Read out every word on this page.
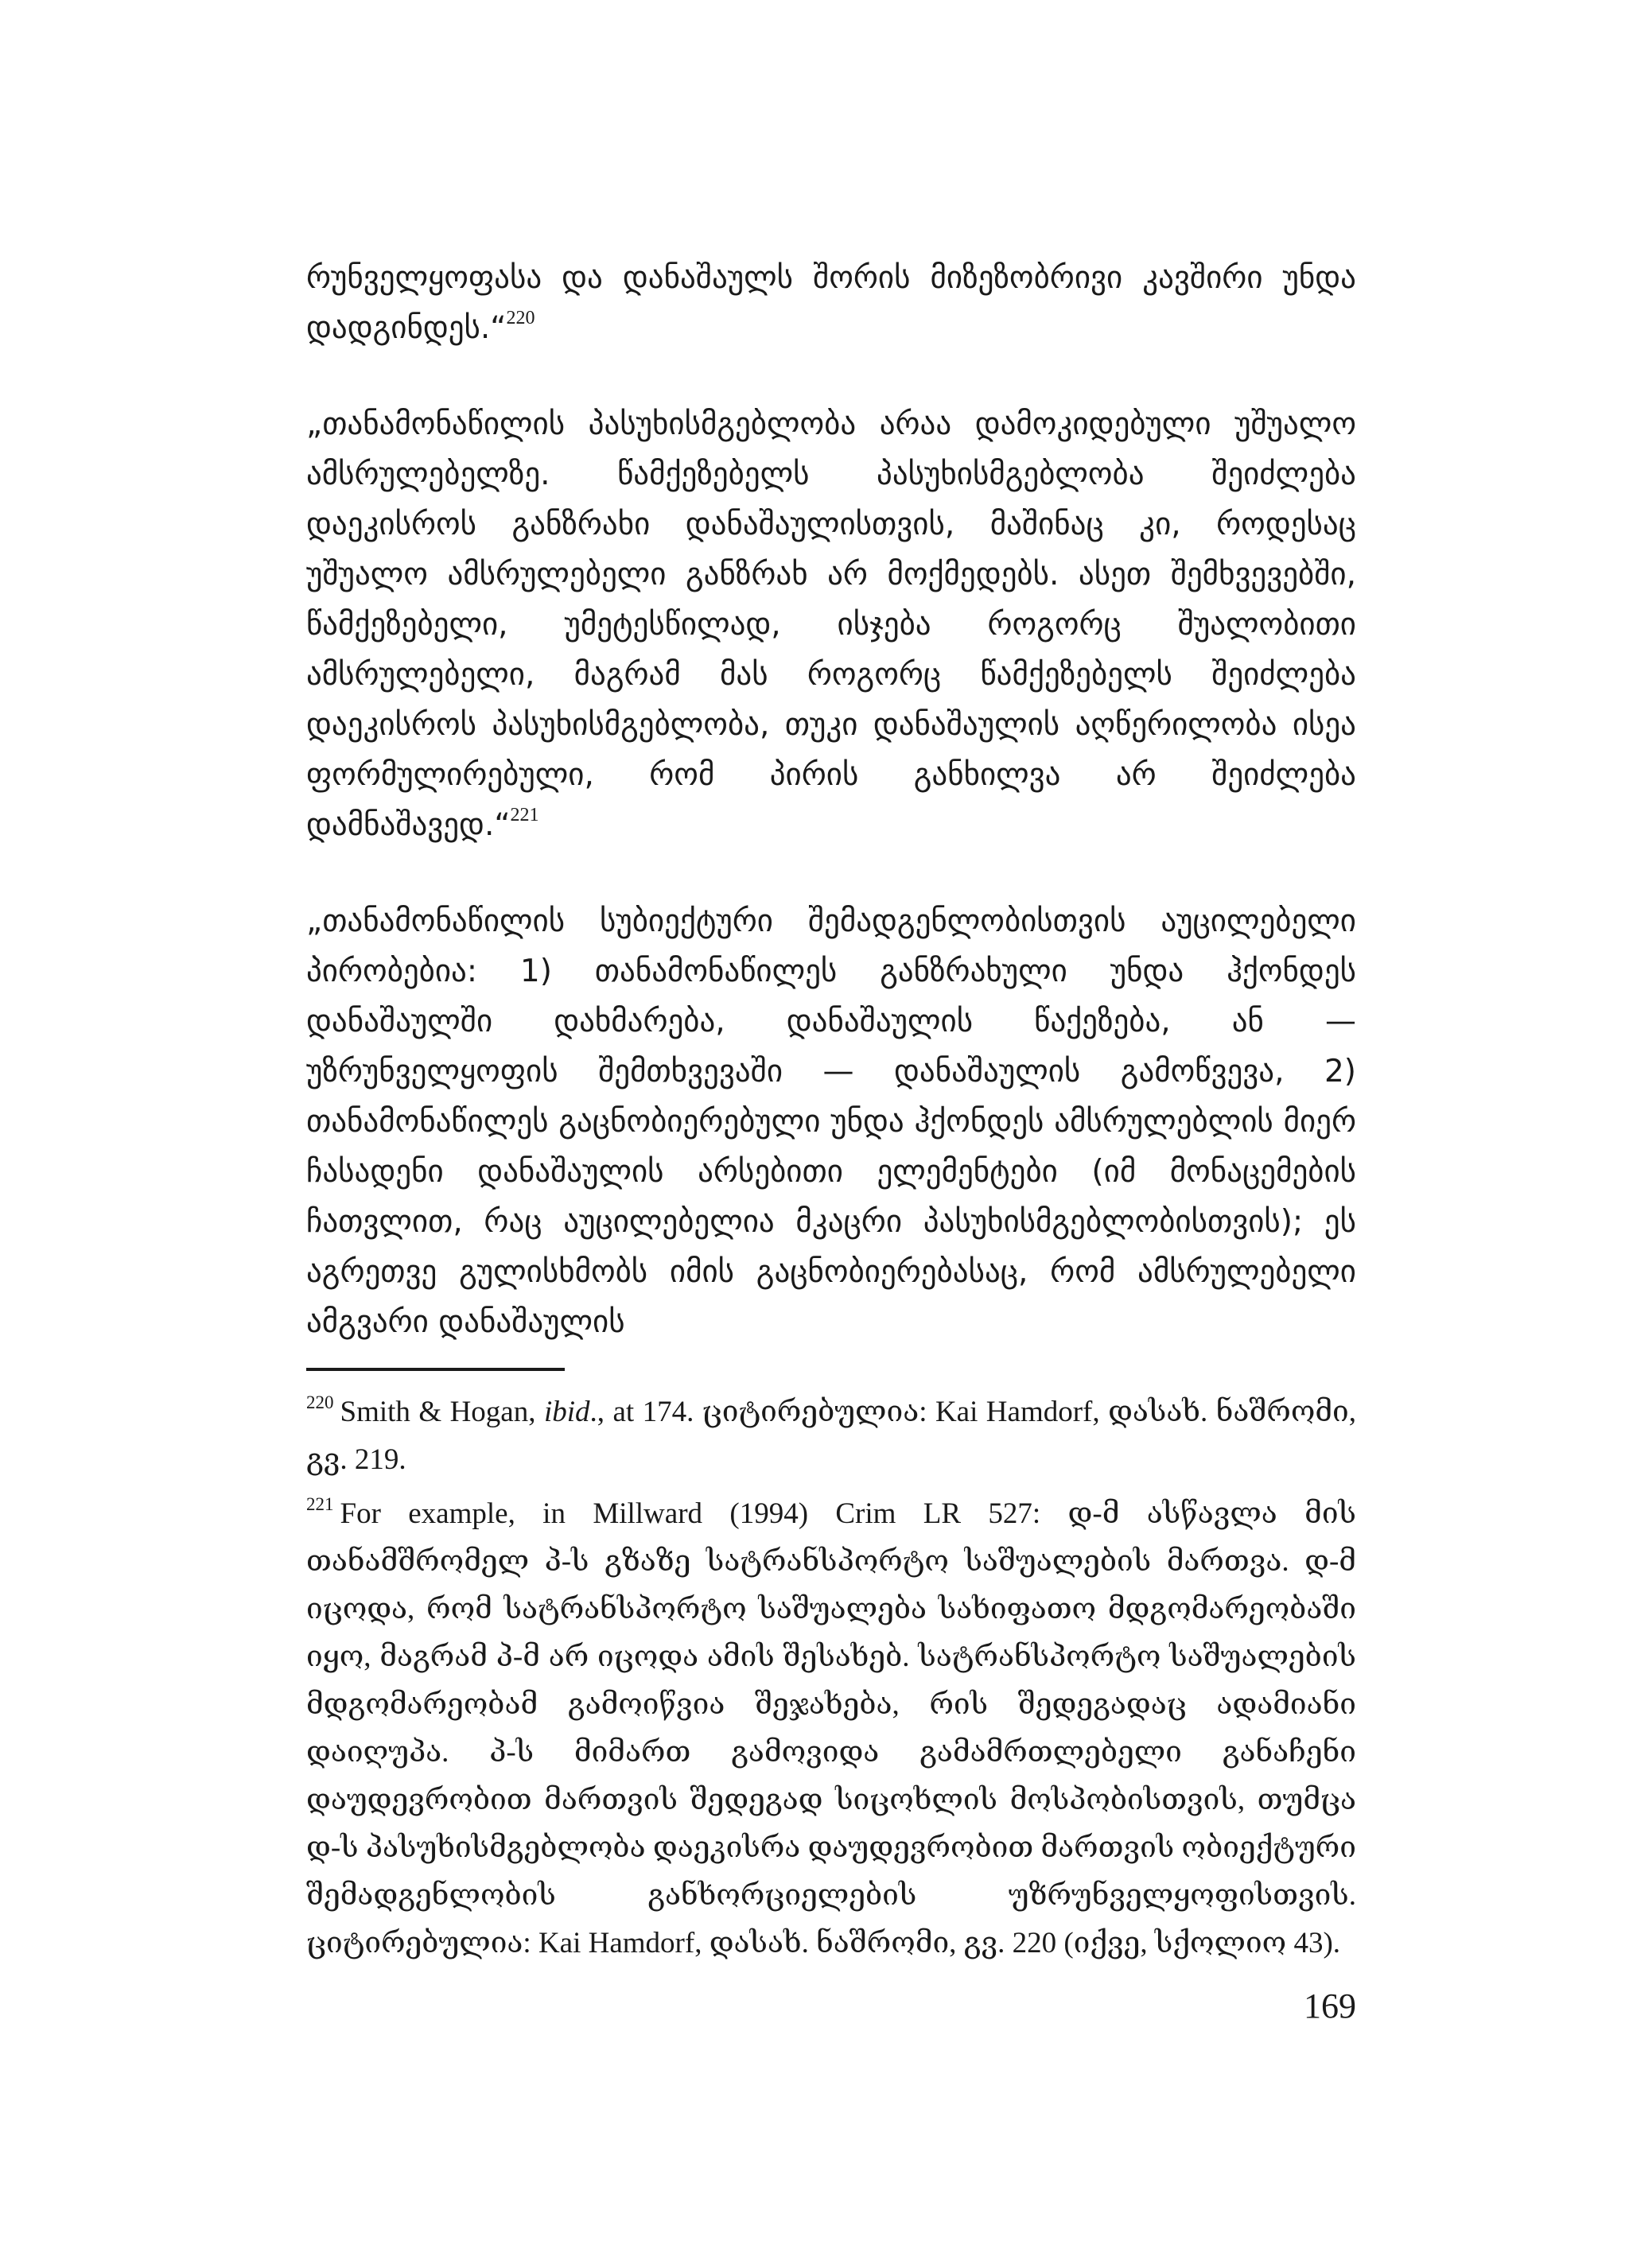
რუნველყოფასა და დანაშაულს შორის მიზეზობრივი კავშირი უნდა დადგინდეს.“$^{220}$

„თანამონაწილის პასუხისმგებლობა არაა დამოკიდებული უშუალო ამსრულებელზე. წამქეზებელს პასუხისმგებლობა შეიძლება დაეკისროს განზრახი დანაშაულისთვის, მაშინაც კი, როდესაც უშუალო ამსრულებელი განზრახ არ მოქმედებს. ასეთ შემხვევებში, წამქეზებელი, უმეტესწილად, ისჯება როგორც შუალობითი ამსრულებელი, მაგრამ მას როგორც წამქეზებელს შეიძლება დაეკისროს პასუხისმგებლობა, თუკი დანაშაულის აღწერილობა ისეა ფორმულირებული, რომ პირის განხილვა არ შეიძლება დამნაშავედ.“$^{221}$

„თანამონაწილის სუბიექტური შემადგენლობისთვის აუცილებელი პირობებია: 1) თანამონაწილეს განზრახული უნდა ჰქონდეს დანაშაულში დახმარება, დანაშაულის წაქეზება, ან — უზრუნველყოფის შემთხვევაში — დანაშაულის გამოწვევა, 2) თანამონაწილეს გაცნობიერებული უნდა ჰქონდეს ამსრულებლის მიერ ჩასადენი დანაშაულის არსებითი ელემენტები (იმ მონაცემების ჩათვლით, რაც აუცილებელია მკაცრი პასუხისმგებლობისთვის); ეს აგრეთვე გულისხმობს იმის გაცნობიერებასაც, რომ ამსრულებელი ამგვარი დანაშაულის

$^{220}$ Smith & Hogan, ibid., at 174. ციტირებულია: Kai Hamdorf, დასახ. ნაშრომი, გვ. 219.

$^{221}$ For example, in Millward (1994) Crim LR 527: დ-მ ასწავლა მის თანამშრომელ პ-ს გზაზე სატრანსპორტო საშუალების მართვა. დ-მ იცოდა, რომ სატრანსპორტო საშუალება სახიფათო მდგომარეობაში იყო, მაგრამ პ-მ არ იცოდა ამის შესახებ. სატრანსპორტო საშუალების მდგომარეობამ გამოიწვია შეჯახება, რის შედეგადაც ადამიანი დაიღუპა. პ-ს მიმართ გამოვიდა გამამრთლებელი განაჩენი დაუდევრობით მართვის შედეგად სიცოხლის მოსპობისთვის, თუმცა დ-ს პასუხისმგებლობა დაეკისრა დაუდევრობით მართვის ობიექტური შემადგენლობის განხორციელების უზრუნველყოფისთვის. ციტირებულია: Kai Hamdorf, დასახ. ნაშრომი, გვ. 220 (იქვე, სქოლიო 43).

169
